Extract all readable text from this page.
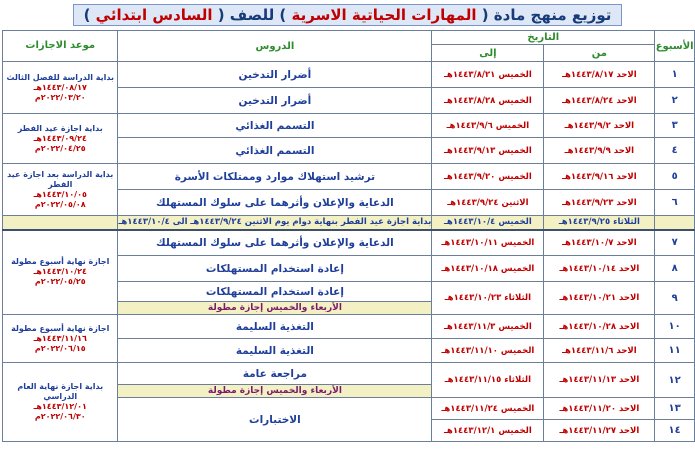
توزيع منهج مادة ( المهارات الحياتية الاسرية ) للصف ( السادس ابتدائي )
الأسبوع	التاريخ		الدروس	موعد الاجازات
	من	إلى		
١	الاحد ١٤٤٣/٨/١٧هـ	الخميس ١٤٤٣/٨/٢١هـ	أضرار التدخين	بداية الدراسة للفصل الثالث
١٤٤٣/٠٨/١٧هـ
٢٠٢٢/٠٣/٢٠م

٢	الاحد ١٤٤٣/٨/٢٤هـ	الخميس ١٤٤٣/٨/٢٨هـ	أضرار التدخين	
٣	الاحد ١٤٤٣/٩/٢هـ	الخميس ١٤٤٣/٩/٦هـ	التسمم الغذائي	بداية اجازة عيد الفطر
١٤٤٣/٠٩/٢٤هـ
٢٠٢٢/٠٤/٢٥م

٤	الاحد ١٤٤٣/٩/٩هـ	الخميس ١٤٤٣/٩/١٣هـ	التسمم الغذائي	
٥	الاحد ١٤٤٣/٩/١٦هـ	الخميس ١٤٤٣/٩/٢٠هـ	ترشيد استهلاك موارد وممتلكات الأسرة	بداية الدراسة بعد اجازة عيد الفطر
١٤٤٣/١٠/٠٥هـ
٢٠٢٢/٠٥/٠٨م

٦	الاحد ١٤٤٣/٩/٢٣هـ	الاثنين ١٤٤٣/٩/٢٤هـ	الدعاية والإعلان وأثرهما على سلوك المستهلك	
	الثلاثاء ١٤٤٣/٩/٢٥هـ	الخميس ١٤٤٣/١٠/٤هـ	بداية اجازة عيد الفطر بنهاية دوام يوم الاثنين ١٤٤٣/٩/٢٤هـ الى ١٤٤٣/١٠/٤هـ	
٧	الاحد ١٤٤٣/١٠/٧هـ	الخميس ١٤٤٣/١٠/١١هـ	الدعاية والإعلان وأثرهما على سلوك المستهلك	اجازة نهاية أسبوع مطولة
١٤٤٣/١٠/٢٤هـ
٢٠٢٢/٠٥/٢٥م

٨	الاحد ١٤٤٣/١٠/١٤هـ	الخميس ١٤٤٣/١٠/١٨هـ	إعادة استخدام المستهلكات	
٩	الاحد ١٤٤٣/١٠/٢١هـ	الثلاثاء ١٤٤٣/١٠/٢٣هـ	إعادة استخدام المستهلكات	
			الأربعاء والخميس إجازة مطولة	
١٠	الاحد ١٤٤٣/١٠/٢٨هـ	الخميس ١٤٤٣/١١/٣هـ	التغذية السليمة	اجازة نهاية أسبوع مطولة
١٤٤٣/١١/١٦هـ
٢٠٢٢/٠٦/١٥م

١١	الاحد ١٤٤٣/١١/٦هـ	الخميس ١٤٤٣/١١/١٠هـ	التغذية السليمة	
١٢	الاحد ١٤٤٣/١١/١٣هـ	الثلاثاء ١٤٤٣/١١/١٥هـ	مراجعة عامة	بداية اجازة نهاية العام الدراسي
١٤٤٣/١٢/٠١هـ
٢٠٢٢/٠٦/٣٠م

			الأربعاء والخميس إجازة مطولة	
١٣	الاحد ١٤٤٣/١١/٢٠هـ	الخميس ١٤٤٣/١١/٢٤هـ	الاختبارات	
١٤	الاحد ١٤٤٣/١١/٢٧هـ	الخميس ١٤٤٣/١٢/١هـ		
